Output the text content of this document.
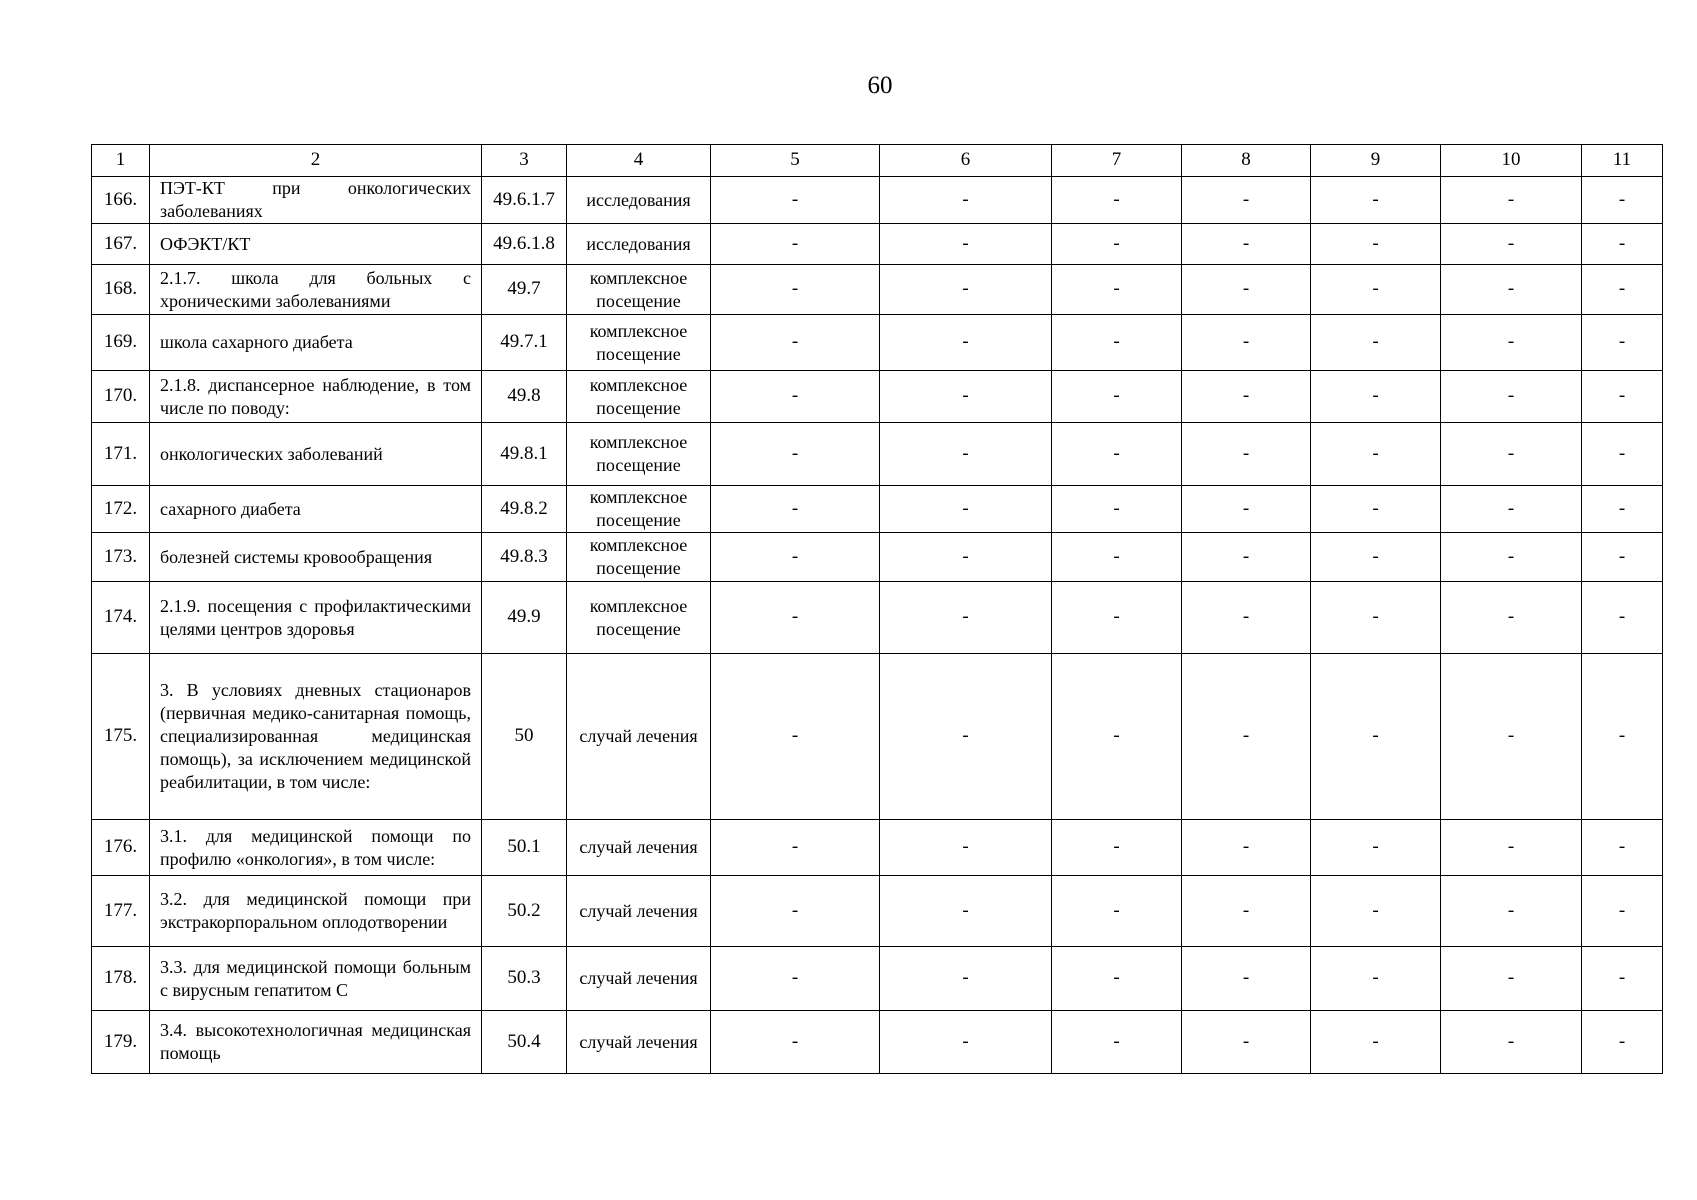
60
1	2	3	4	5	6	7	8	9	10	11
166.	ПЭТ-КТ при онкологических заболеваниях	49.6.1.7	исследования	-	-	-	-	-	-	-
167.	ОФЭКТ/КТ	49.6.1.8	исследования	-	-	-	-	-	-	-
168.	2.1.7. школа для больных с хроническими заболеваниями	49.7	комплексное посещение	-	-	-	-	-	-	-
169.	школа сахарного диабета	49.7.1	комплексное посещение	-	-	-	-	-	-	-
170.	2.1.8. диспансерное наблюдение, в том числе по поводу:	49.8	комплексное посещение	-	-	-	-	-	-	-
171.	онкологических заболеваний	49.8.1	комплексное посещение	-	-	-	-	-	-	-
172.	сахарного диабета	49.8.2	комплексное посещение	-	-	-	-	-	-	-
173.	болезней системы кровообращения	49.8.3	комплексное посещение	-	-	-	-	-	-	-
174.	2.1.9. посещения с профилактическими целями центров здоровья	49.9	комплексное посещение	-	-	-	-	-	-	-
175.	3. В условиях дневных стационаров (первичная медико-санитарная помощь, специализированная медицинская помощь), за исключением медицинской реабилитации, в том числе:	50	случай лечения	-	-	-	-	-	-	-
176.	3.1. для медицинской помощи по профилю «онкология», в том числе:	50.1	случай лечения	-	-	-	-	-	-	-
177.	3.2. для медицинской помощи при экстракорпоральном оплодотворении	50.2	случай лечения	-	-	-	-	-	-	-
178.	3.3. для медицинской помощи больным с вирусным гепатитом С	50.3	случай лечения	-	-	-	-	-	-	-
179.	3.4. высокотехнологичная медицинская помощь	50.4	случай лечения	-	-	-	-	-	-	-
